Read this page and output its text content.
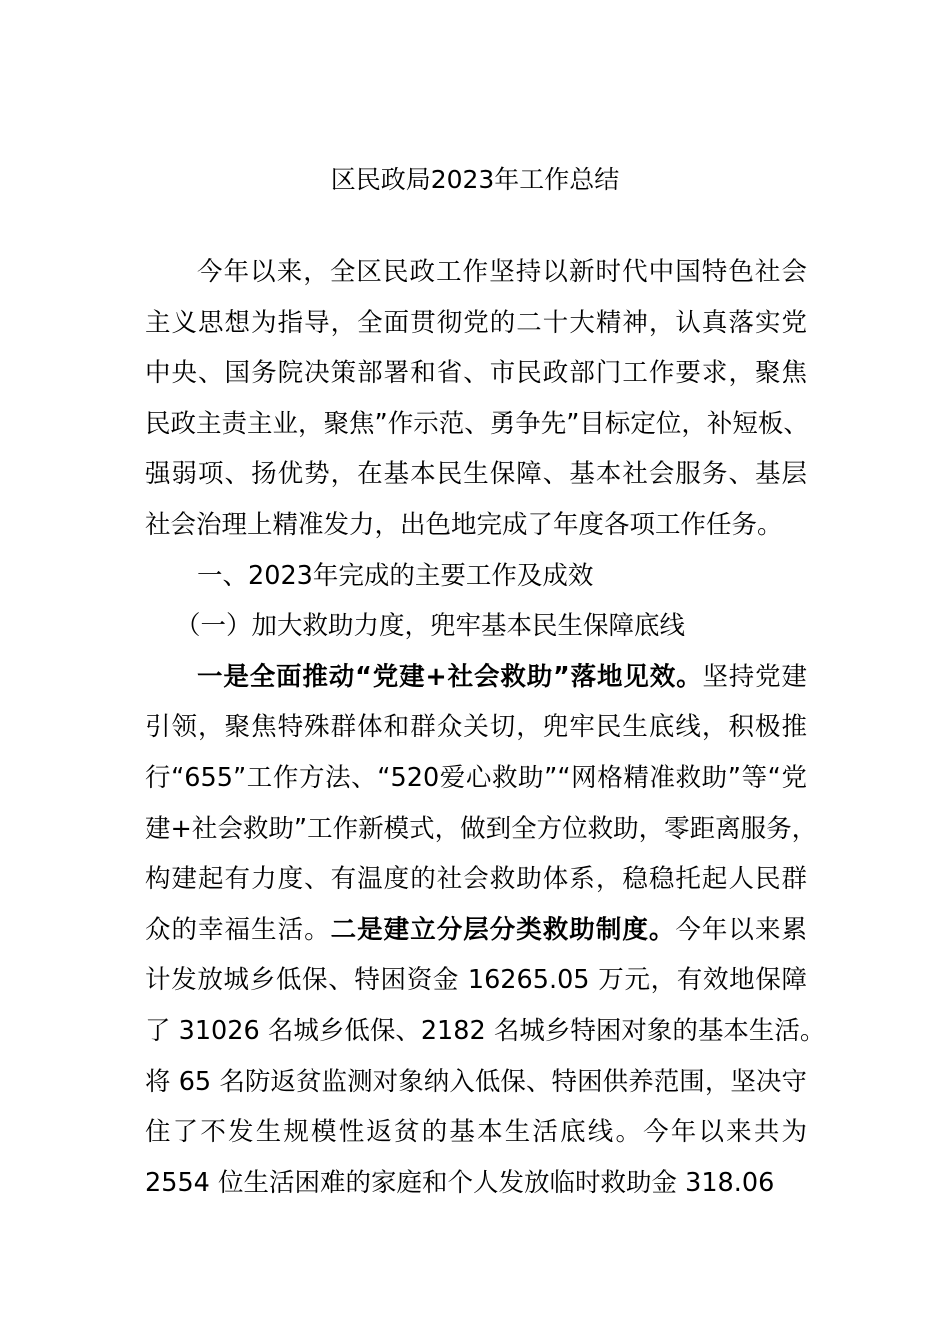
区民政局2023年工作总结
今年以来，全区民政工作坚持以新时代中国特色社会
主义思想为指导，全面贯彻党的二十大精神，认真落实党
中央、国务院决策部署和省、市民政部门工作要求，聚焦
民政主责主业，聚焦”作示范、勇争先”目标定位，补短板、
强弱项、扬优势，在基本民生保障、基本社会服务、基层
社会治理上精准发力，出色地完成了年度各项工作任务。
一、2023年完成的主要工作及成效
（一）加大救助力度，兜牢基本民生保障底线
一是全面推动“党建+社会救助”落地见效。坚持党建
引领，聚焦特殊群体和群众关切，兜牢民生底线，积极推
行“655”工作方法、“520爱心救助”“网格精准救助”等“党
建+社会救助”工作新模式，做到全方位救助，零距离服务，
构建起有力度、有温度的社会救助体系，稳稳托起人民群
众的幸福生活。二是建立分层分类救助制度。今年以来累
计发放城乡低保、特困资金 16265.05 万元，有效地保障
了 31026 名城乡低保、2182 名城乡特困对象的基本生活。
将 65 名防返贫监测对象纳入低保、特困供养范围，坚决守
住了不发生规模性返贫的基本生活底线。今年以来共为
2554 位生活困难的家庭和个人发放临时救助金 318.06
